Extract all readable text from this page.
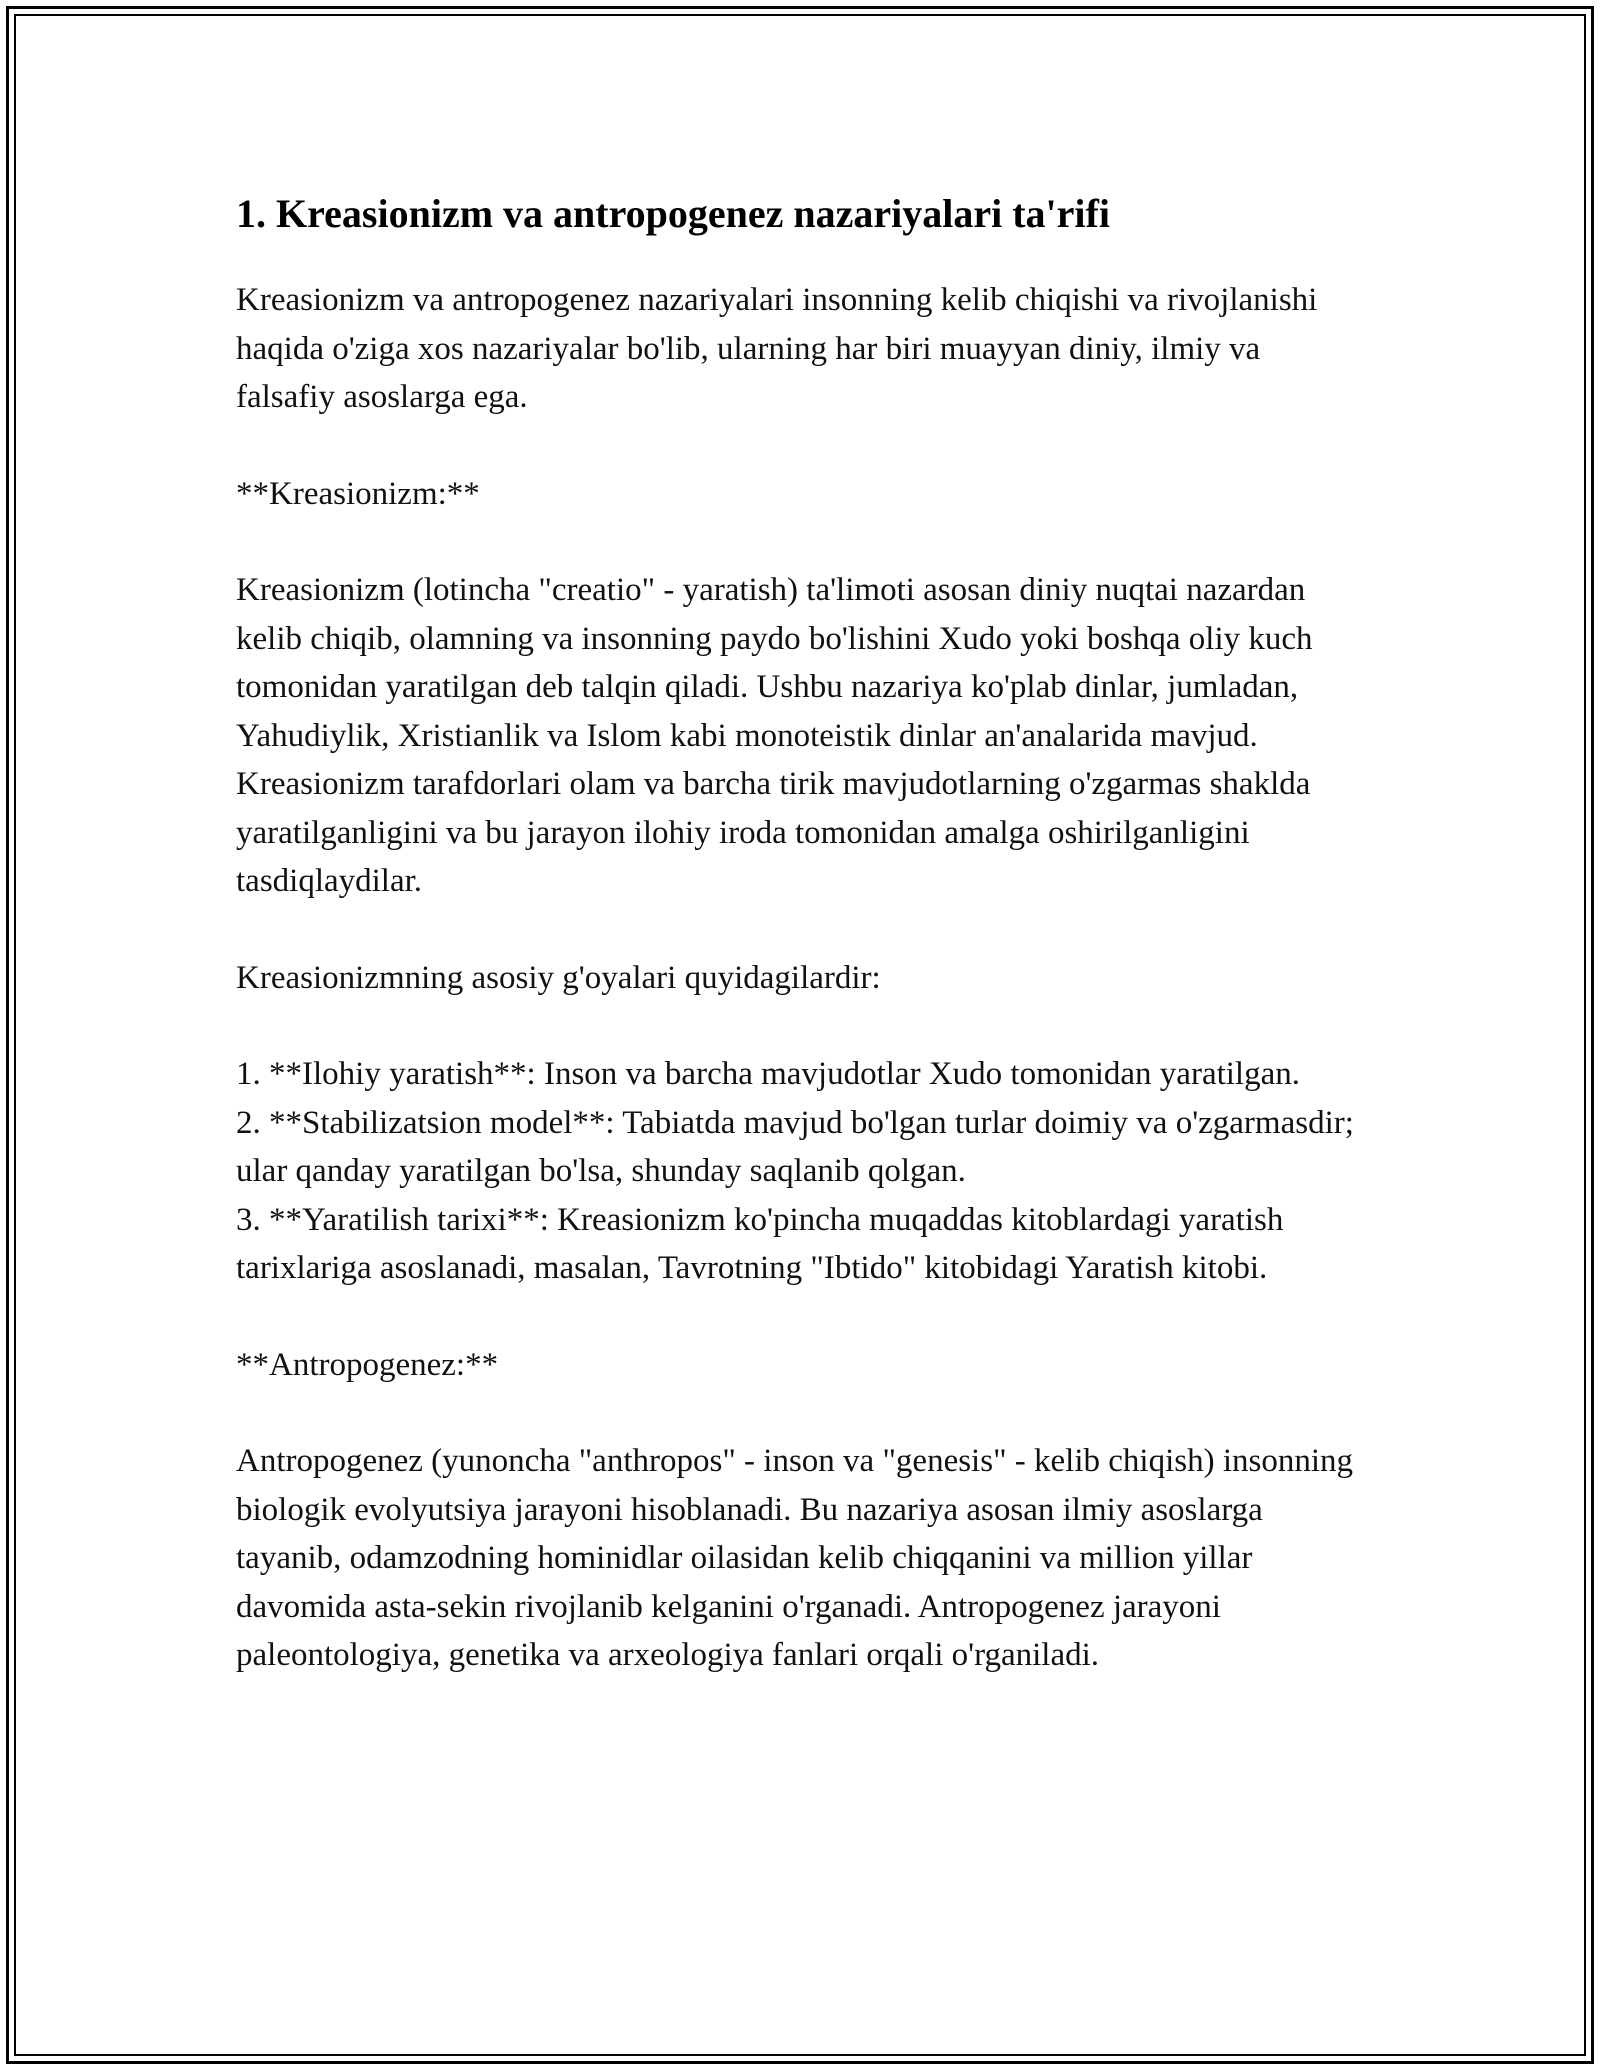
1. Kreasionizm va antropogenez nazariyalari ta'rifi

Kreasionizm va antropogenez nazariyalari insonning kelib chiqishi va rivojlanishi haqida o'ziga xos nazariyalar bo'lib, ularning har biri muayyan diniy, ilmiy va falsafiy asoslarga ega.

**Kreasionizm:**

Kreasionizm (lotincha "creatio" - yaratish) ta'limoti asosan diniy nuqtai nazardan kelib chiqib, olamning va insonning paydo bo'lishini Xudo yoki boshqa oliy kuch tomonidan yaratilgan deb talqin qiladi. Ushbu nazariya ko'plab dinlar, jumladan, Yahudiylik, Xristianlik va Islom kabi monoteistik dinlar an'analarida mavjud. Kreasionizm tarafdorlari olam va barcha tirik mavjudotlarning o'zgarmas shaklda yaratilganligini va bu jarayon ilohiy iroda tomonidan amalga oshirilganligini tasdiqlaydilar.

Kreasionizmning asosiy g'oyalari quyidagilardir:

1. **Ilohiy yaratish**: Inson va barcha mavjudotlar Xudo tomonidan yaratilgan.
2. **Stabilizatsion model**: Tabiatda mavjud bo'lgan turlar doimiy va o'zgarmasdir; ular qanday yaratilgan bo'lsa, shunday saqlanib qolgan.
3. **Yaratilish tarixi**: Kreasionizm ko'pincha muqaddas kitoblardagi yaratish tarixlariga asoslanadi, masalan, Tavrotning "Ibtido" kitobidagi Yaratish kitobi.

**Antropogenez:**

Antropogenez (yunoncha "anthropos" - inson va "genesis" - kelib chiqish) insonning biologik evolyutsiya jarayoni hisoblanadi. Bu nazariya asosan ilmiy asoslarga tayanib, odamzodning hominidlar oilasidan kelib chiqqanini va million yillar davomida asta-sekin rivojlanib kelganini o'rganadi. Antropogenez jarayoni paleontologiya, genetika va arxeologiya fanlari orqali o'rganiladi.
